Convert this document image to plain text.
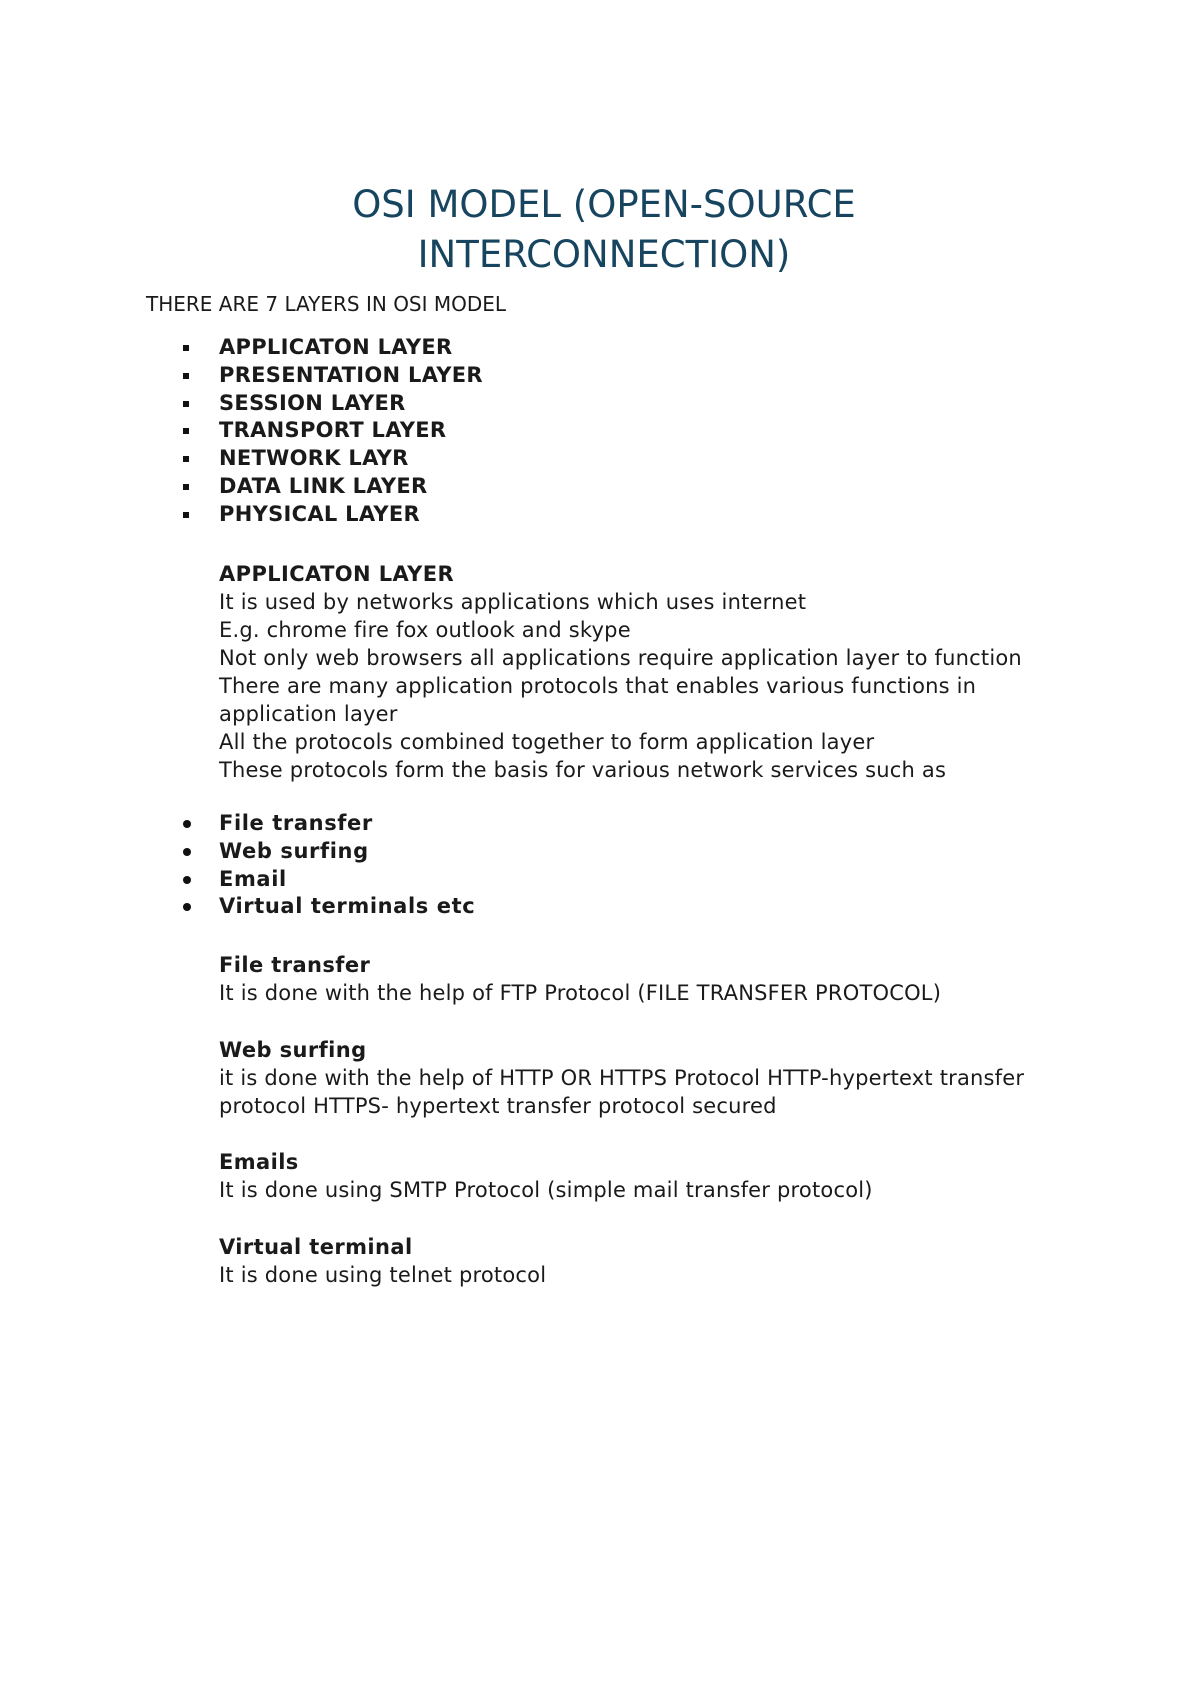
OSI MODEL (OPEN-SOURCE
INTERCONNECTION)

THERE ARE 7 LAYERS IN OSI MODEL

APPLICATON LAYER
PRESENTATION LAYER
SESSION LAYER
TRANSPORT LAYER
NETWORK LAYR
DATA LINK LAYER
PHYSICAL LAYER
APPLICATON LAYER

It is used by networks applications which uses internet

E.g. chrome fire fox outlook and skype

Not only web browsers all applications require application layer to function

There are many application protocols that enables various functions in application layer

All the protocols combined together to form application layer

These protocols form the basis for various network services such as

File transfer
Web surfing
Email
Virtual terminals etc
File transfer

It is done with the help of FTP Protocol (FILE TRANSFER PROTOCOL)

Web surfing

it is done with the help of HTTP OR HTTPS Protocol HTTP-hypertext transfer protocol HTTPS- hypertext transfer protocol secured

Emails

It is done using SMTP Protocol (simple mail transfer protocol)

Virtual terminal

It is done using telnet protocol
